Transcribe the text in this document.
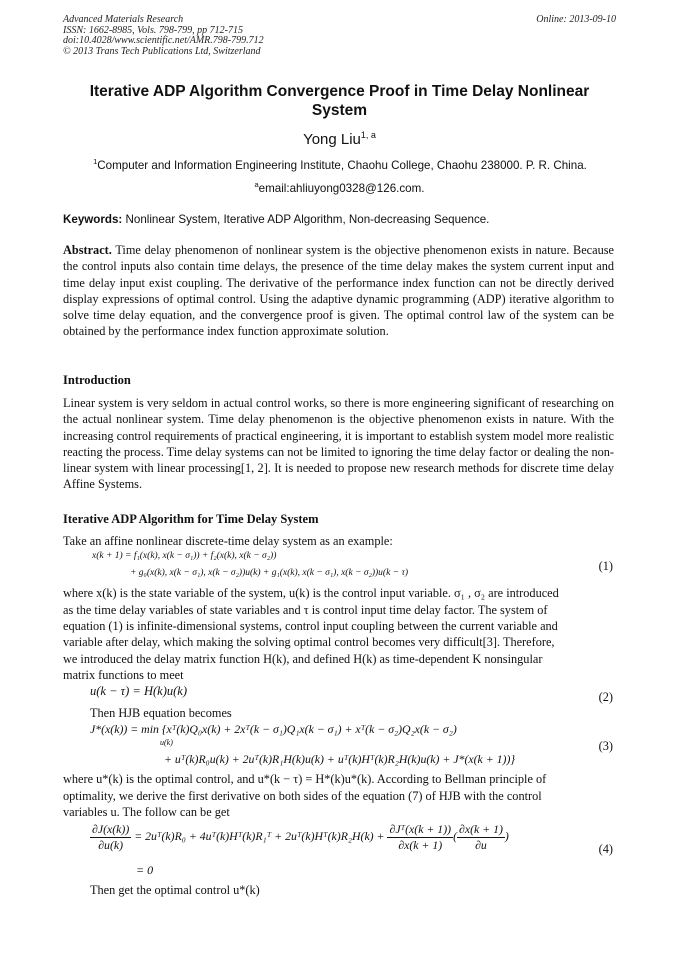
Advanced Materials Research
ISSN: 1662-8985, Vols. 798-799, pp 712-715
doi:10.4028/www.scientific.net/AMR.798-799.712
© 2013 Trans Tech Publications Ltd, Switzerland
Online: 2013-09-10
Iterative ADP Algorithm Convergence Proof in Time Delay Nonlinear System
Yong Liu$^{1, a}$
$^1$Computer and Information Engineering Institute, Chaohu College, Chaohu 238000. P. R. China.
$^a$email:ahliuyong0328@126.com.
Keywords: Nonlinear System, Iterative ADP Algorithm, Non-decreasing Sequence.
Abstract. Time delay phenomenon of nonlinear system is the objective phenomenon exists in nature. Because the control inputs also contain time delays, the presence of the time delay makes the system current input and time delay input exist coupling. The derivative of the performance index function can not be directly derived display expressions of optimal control. Using the adaptive dynamic programming (ADP) iterative algorithm to solve time delay equation, and the convergence proof is given. The optimal control law of the system can be obtained by the performance index function approximate solution.
Introduction
Linear system is very seldom in actual control works, so there is more engineering significant of researching on the actual nonlinear system. Time delay phenomenon is the objective phenomenon exists in nature. With the increasing control requirements of practical engineering, it is important to establish system model more realistic reacting the process. Time delay systems can not be limited to ignoring the time delay factor or dealing the non-linear system with linear processing[1, 2]. It is needed to propose new research methods for discrete time delay Affine Systems.
Iterative ADP Algorithm for Time Delay System
Take an affine nonlinear discrete-time delay system as an example:
x(k + 1) = f₁(x(k), x(k − σ₁)) + f₂(x(k), x(k − σ₂))
+ g₀(x(k), x(k − σ₁), x(k − σ₂))u(k) + g₁(x(k), x(k − σ₁), x(k − σ₂))u(k − τ)	(1)
where x(k) is the state variable of the system, u(k) is the control input variable. σ₁ , σ₂ are introduced
as the time delay variables of state variables and τ is control input time delay factor. The system of
equation (1) is infinite-dimensional systems, control input coupling between the current variable and
variable after delay, which making the solving optimal control becomes very difficult[3]. Therefore,
we introduced the delay matrix function H(k), and defined H(k) as time-dependent K nonsingular
matrix functions to meet
u(k − τ) = H(k)u(k)	(2)
Then HJB equation becomes
J*(x(k)) = min {xᵀ(k)Q₀x(k) + 2xᵀ(k − σ₁)Q₁x(k − σ₁) + xᵀ(k − σ₂)Q₂x(k − σ₂)
u(k)
+ uᵀ(k)R₀u(k) + 2uᵀ(k)R₁H(k)u(k) + uᵀ(k)Hᵀ(k)R₂H(k)u(k) + J*(x(k + 1))}
(3)
where u*(k) is the optimal control, and u*(k − τ) = H*(k)u*(k). According to Bellman principle of
optimality, we derive the first derivative on both sides of the equation (7) of HJB with the control
variables u. The follow can be get
$\frac{\partial J(x(k))}{\partial u(k)}$ = 2uᵀ(k)R₀ + 4uᵀ(k)Hᵀ(k)R₁ᵀ + 2uᵀ(k)Hᵀ(k)R₂H(k) + $\frac{\text{∂Jᵀ(x(k + 1))}}{\partial x(k + 1)}$ ( $\frac{\partial x(k + 1)}{\partial u}$ )
(4)
= 0
Then get the optimal control u*(k)
